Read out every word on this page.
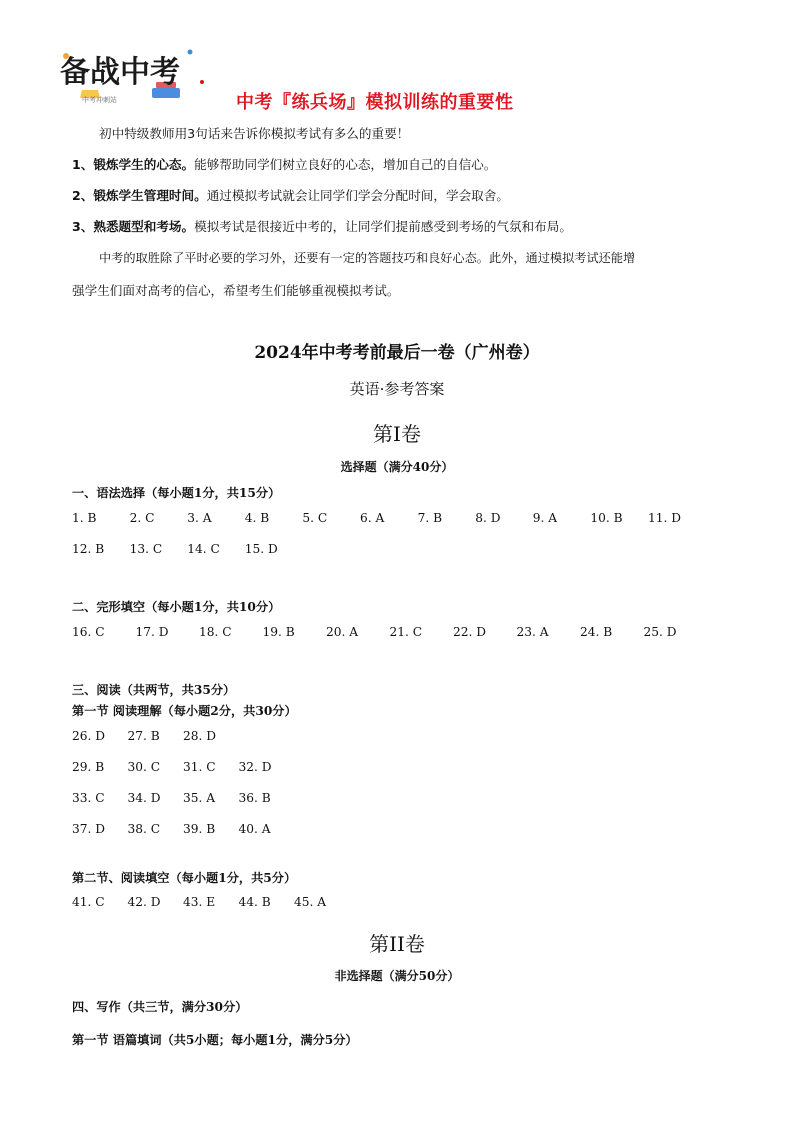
备战中考
中考冲刺站	中考『练兵场』模拟训练的重要性
初中特级教师用3句话来告诉你模拟考试有多么的重要！
1、锻炼学生的心态。能够帮助同学们树立良好的心态，增加自己的自信心。
2、锻炼学生管理时间。通过模拟考试就会让同学们学会分配时间，学会取舍。
3、熟悉题型和考场。模拟考试是很接近中考的，让同学们提前感受到考场的气氛和布局。
中考的取胜除了平时必要的学习外，还要有一定的答题技巧和良好心态。此外，通过模拟考试还能增
强学生们面对高考的信心，希望考生们能够重视模拟考试。
2024年中考考前最后一卷（广州卷）
英语·参考答案
第I卷
选择题（满分40分）
一、语法选择（每小题1分，共15分）
1. B	2. C	3. A	4. B	5. C	6. A	7. B	8. D	9. A	10. B 11. D
12. B 13. C 14. C 15. D
二、完形填空（每小题1分，共10分）
16. C	17. D 18. C	19. B	20. A	21. C	22. D 23. A	24. B	25. D
三、阅读（共两节，共35分）
第一节 阅读理解（每小题2分，共30分）
26. D 27. B 28. D
29. B 30. C 31. C 32. D
33. C 34. D 35. A 36. B
37. D 38. C 39. B 40. A
第二节、阅读填空（每小题1分，共5分）
41. C 42. D 43. E 44. B 45. A
第II卷
非选择题（满分50分）
四、写作（共三节，满分30分）
第一节 语篇填词（共5小题；每小题1分，满分5分）
